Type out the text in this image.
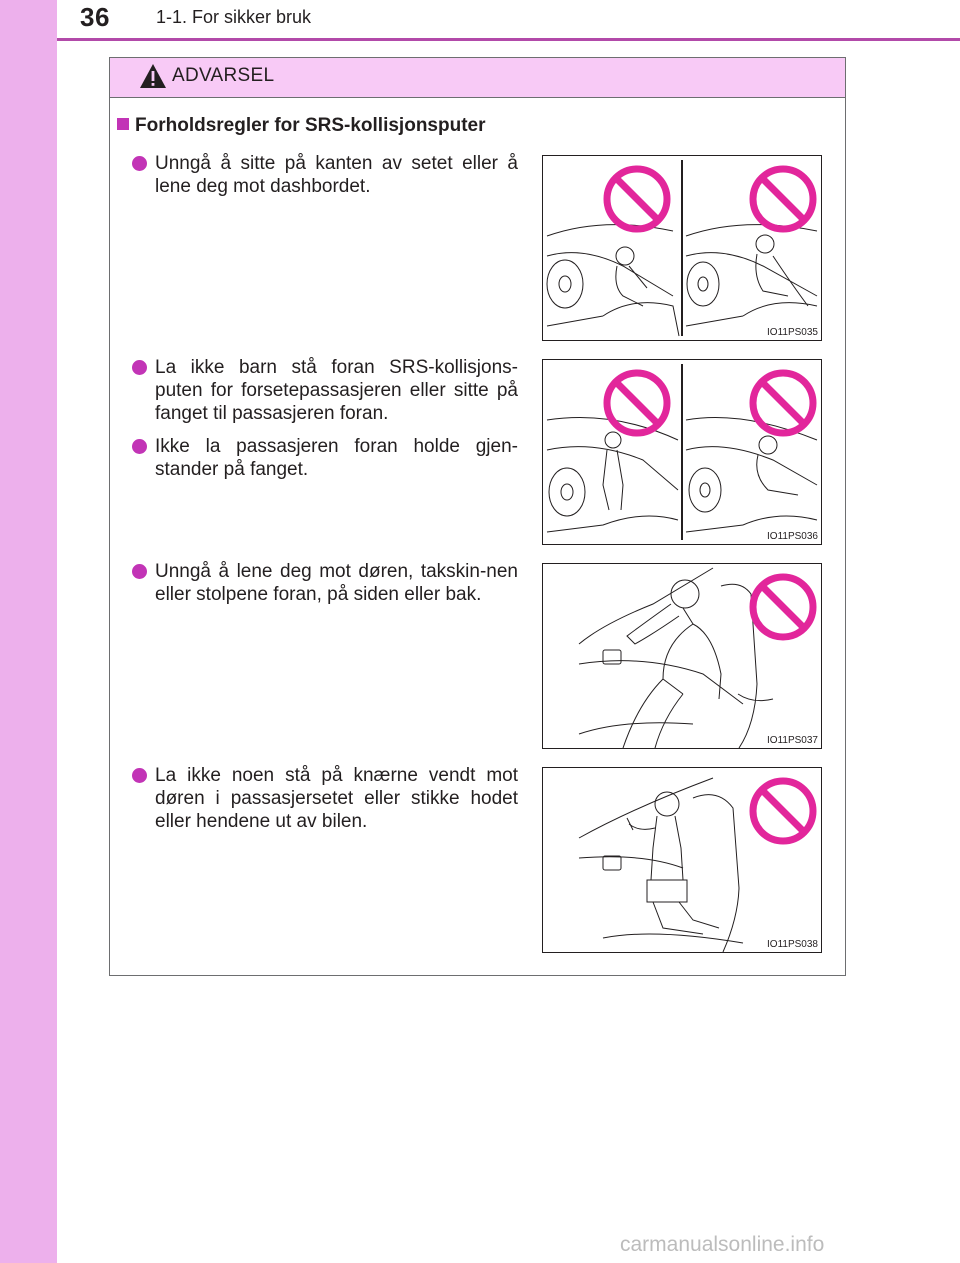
36	1-1. For sikker bruk
ADVARSEL
Forholdsregler for SRS-kollisjonsputer
Unngå å sitte på kanten av setet eller å lene deg mot dashbordet.
IO11PS035
La ikke barn stå foran SRS-kollisjons-puten for forsetepassasjeren eller sitte på fanget til passasjeren foran.
Ikke la passasjeren foran holde gjen-stander på fanget.
IO11PS036
Unngå å lene deg mot døren, takskin-nen eller stolpene foran, på siden eller bak.
IO11PS037
La ikke noen stå på knærne vendt mot døren i passasjersetet eller stikke hodet eller hendene ut av bilen.
IO11PS038
carmanualsonline.info
